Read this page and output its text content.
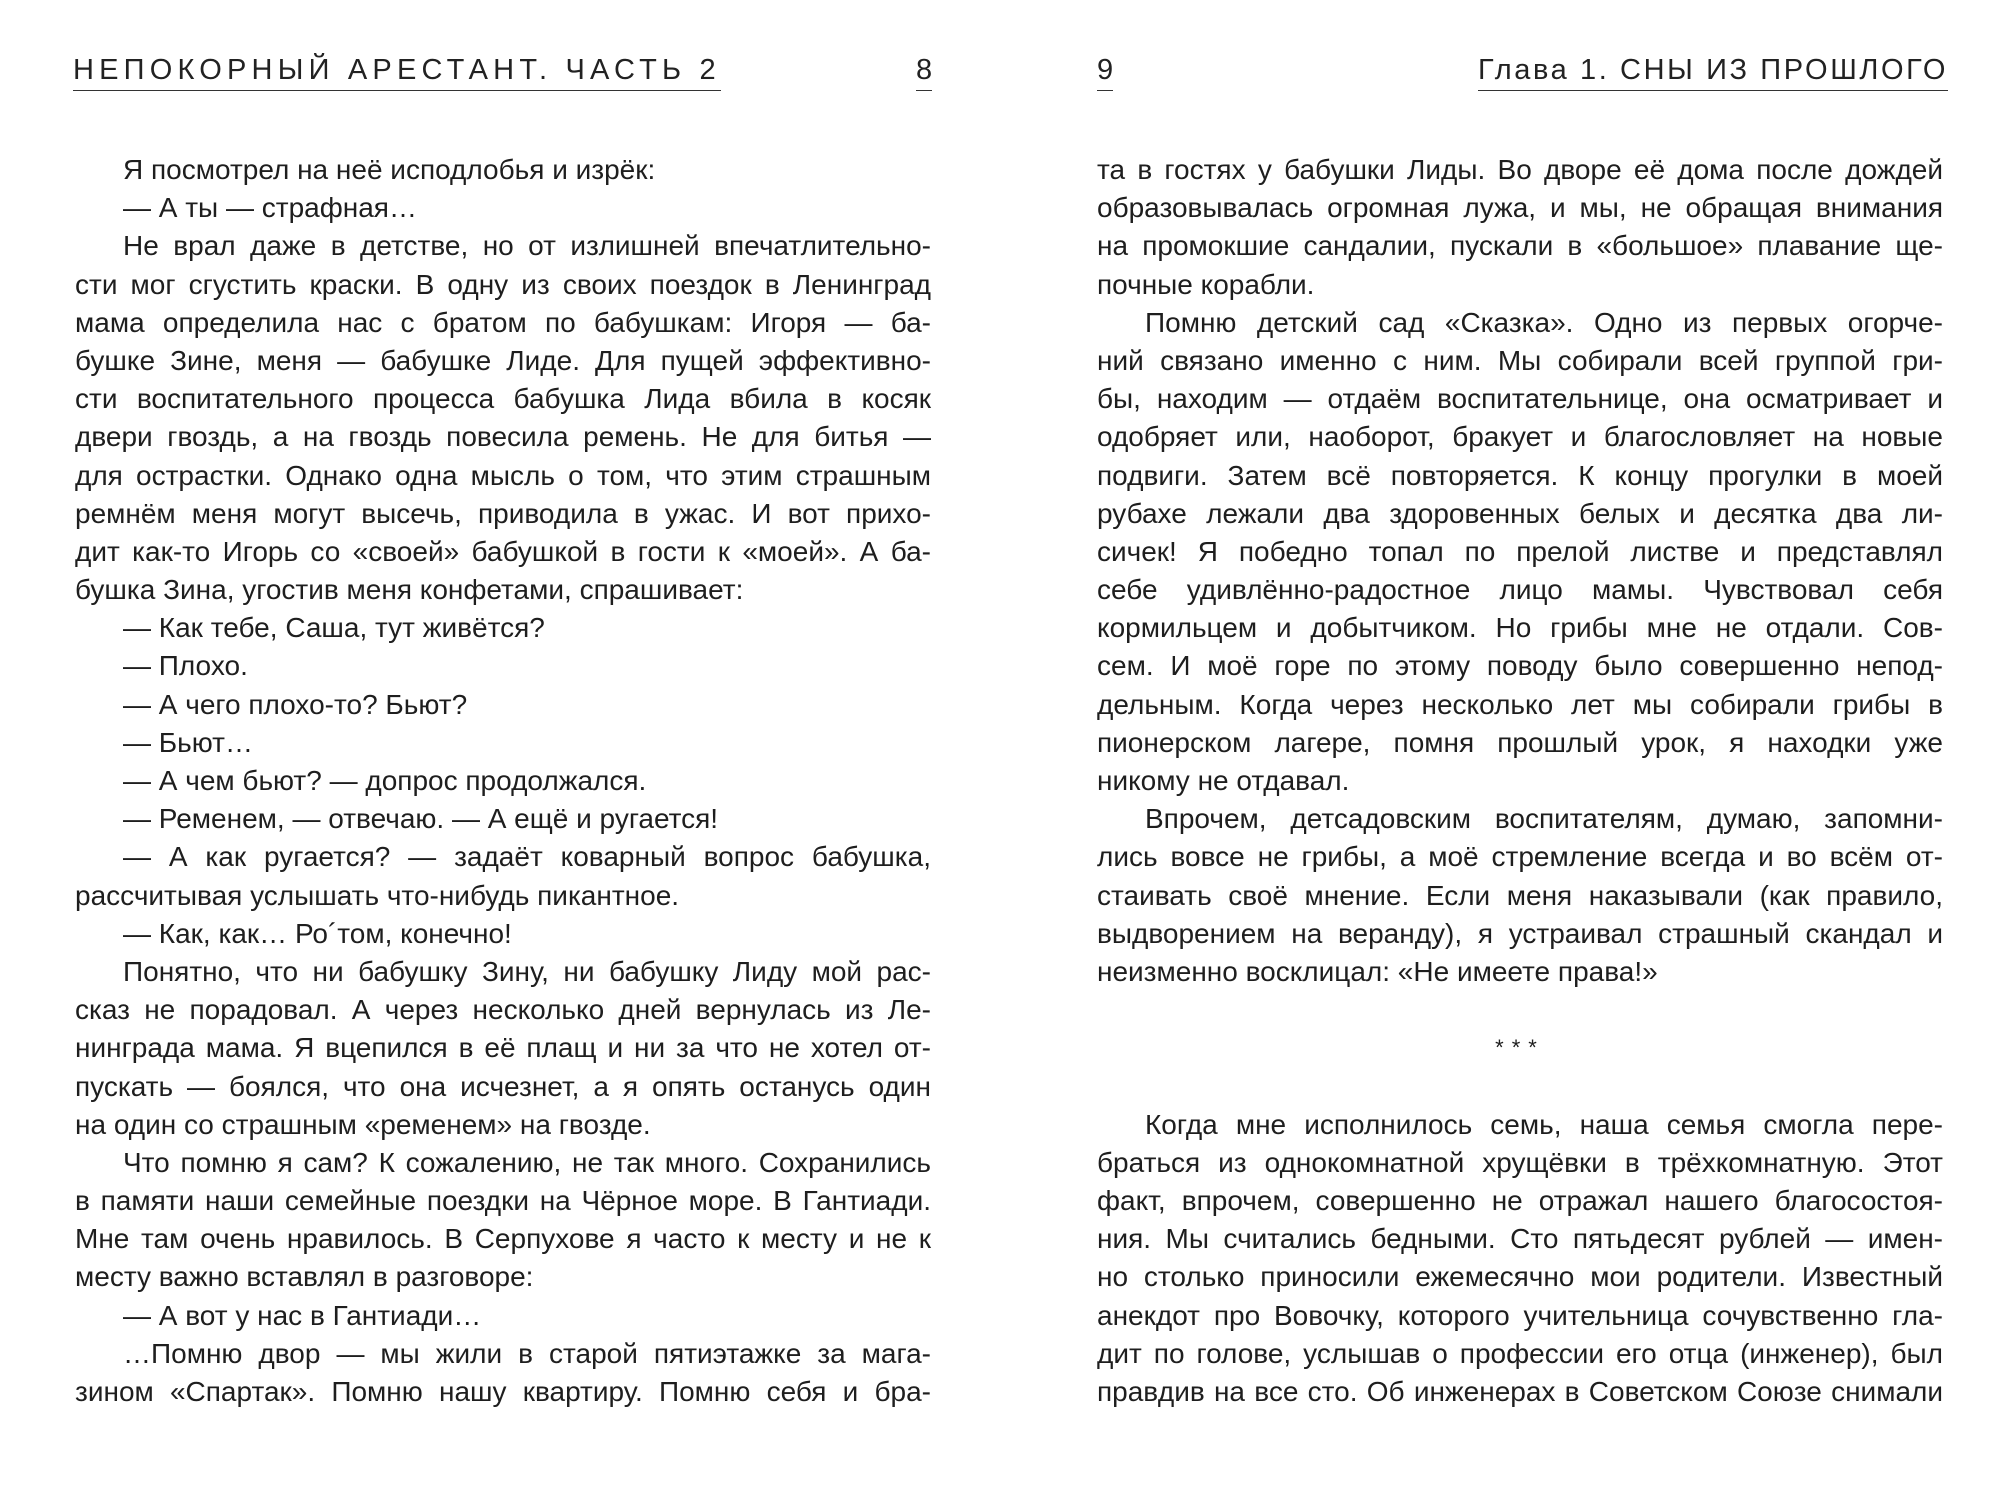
НЕПОКОРНЫЙ АРЕСТАНТ. ЧАСТЬ 2	8
Я посмотрел на неё исподлобья и изрёк:
— А ты — страфная…
Не врал даже в детстве, но от излишней впечатлительно-
сти мог сгустить краски. В одну из своих поездок в Ленинград
мама определила нас с братом по бабушкам: Игоря — ба-
бушке Зине, меня — бабушке Лиде. Для пущей эффективно-
сти воспитательного процесса бабушка Лида вбила в косяк
двери гвоздь, а на гвоздь повесила ремень. Не для битья —
для острастки. Однако одна мысль о том, что этим страшным
ремнём меня могут высечь, приводила в ужас. И вот прихо-
дит как-то Игорь со «своей» бабушкой в гости к «моей». А ба-
бушка Зина, угостив меня конфетами, спрашивает:
— Как тебе, Саша, тут живётся?
— Плохо.
— А чего плохо-то? Бьют?
— Бьют…
— А чем бьют? — допрос продолжался.
— Ременем, — отвечаю. — А ещё и ругается!
— А как ругается? — задаёт коварный вопрос бабушка,
рассчитывая услышать что-нибудь пикантное.
— Как, как… Ро´том, конечно!
Понятно, что ни бабушку Зину, ни бабушку Лиду мой рас-
сказ не порадовал. А через несколько дней вернулась из Ле-
нинграда мама. Я вцепился в её плащ и ни за что не хотел от-
пускать — боялся, что она исчезнет, а я опять останусь один
на один со страшным «ременем» на гвозде.
Что помню я сам? К сожалению, не так много. Сохранились
в памяти наши семейные поездки на Чёрное море. В Гантиади.
Мне там очень нравилось. В Серпухове я часто к месту и не к
месту важно вставлял в разговоре:
— А вот у нас в Гантиади…
…Помню двор — мы жили в старой пятиэтажке за мага-
зином «Спартак». Помню нашу квартиру. Помню себя и бра-
9	Глава 1. СНЫ ИЗ ПРОШЛОГО
та в гостях у бабушки Лиды. Во дворе её дома после дождей
образовывалась огромная лужа, и мы, не обращая внимания
на промокшие сандалии, пускали в «большое» плавание ще-
почные корабли.
Помню детский сад «Сказка». Одно из первых огорче-
ний связано именно с ним. Мы собирали всей группой гри-
бы, находим — отдаём воспитательнице, она осматривает и
одобряет или, наоборот, бракует и благословляет на новые
подвиги. Затем всё повторяется. К концу прогулки в моей
рубахе лежали два здоровенных белых и десятка два ли-
сичек! Я победно топал по прелой листве и представлял
себе удивлённо-радостное лицо мамы. Чувствовал себя
кормильцем и добытчиком. Но грибы мне не отдали. Сов-
сем. И моё горе по этому поводу было совершенно непод-
дельным. Когда через несколько лет мы собирали грибы в
пионерском лагере, помня прошлый урок, я находки уже
никому не отдавал.
Впрочем, детсадовским воспитателям, думаю, запомни-
лись вовсе не грибы, а моё стремление всегда и во всём от-
стаивать своё мнение. Если меня наказывали (как правило,
выдворением на веранду), я устраивал страшный скандал и
неизменно восклицал: «Не имеете права!»
***
Когда мне исполнилось семь, наша семья смогла пере-
браться из однокомнатной хрущёвки в трёхкомнатную. Этот
факт, впрочем, совершенно не отражал нашего благосостоя-
ния. Мы считались бедными. Сто пятьдесят рублей — имен-
но столько приносили ежемесячно мои родители. Известный
анекдот про Вовочку, которого учительница сочувственно гла-
дит по голове, услышав о профессии его отца (инженер), был
правдив на все сто. Об инженерах в Советском Союзе снимали
